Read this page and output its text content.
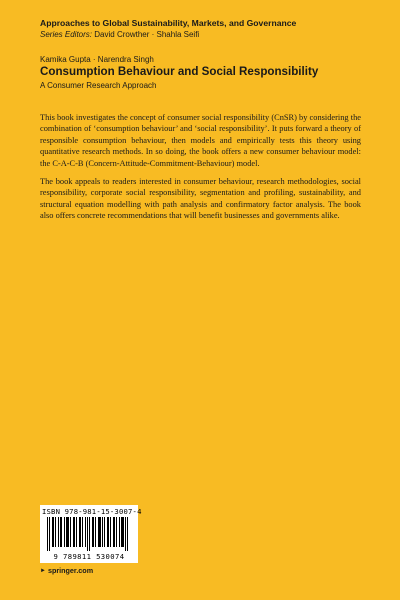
Approaches to Global Sustainability, Markets, and Governance
Series Editors: David Crowther · Shahla Seifi
Kamika Gupta · Narendra Singh
Consumption Behaviour and Social Responsibility
A Consumer Research Approach

This book investigates the concept of consumer social responsibility (CnSR) by considering the combination of ‘consumption behaviour’ and ‘social responsibility’. It puts forward a theory of responsible consumption behaviour, then models and empirically tests this theory using quantitative research methods. In so doing, the book offers a new consumer behaviour model: the C-A-C-B (Concern-Attitude-Commitment-Behaviour) model.

The book appeals to readers interested in consumer behaviour, research methodologies, social responsibility, corporate social responsibility, segmentation and profiling, sustainability, and structural equation modelling with path analysis and confirmatory factor analysis. The book also offers concrete recommendations that will benefit businesses and governments alike.

ISBN 978-981-15-3007-4
9 789811 530074
► springer.com
